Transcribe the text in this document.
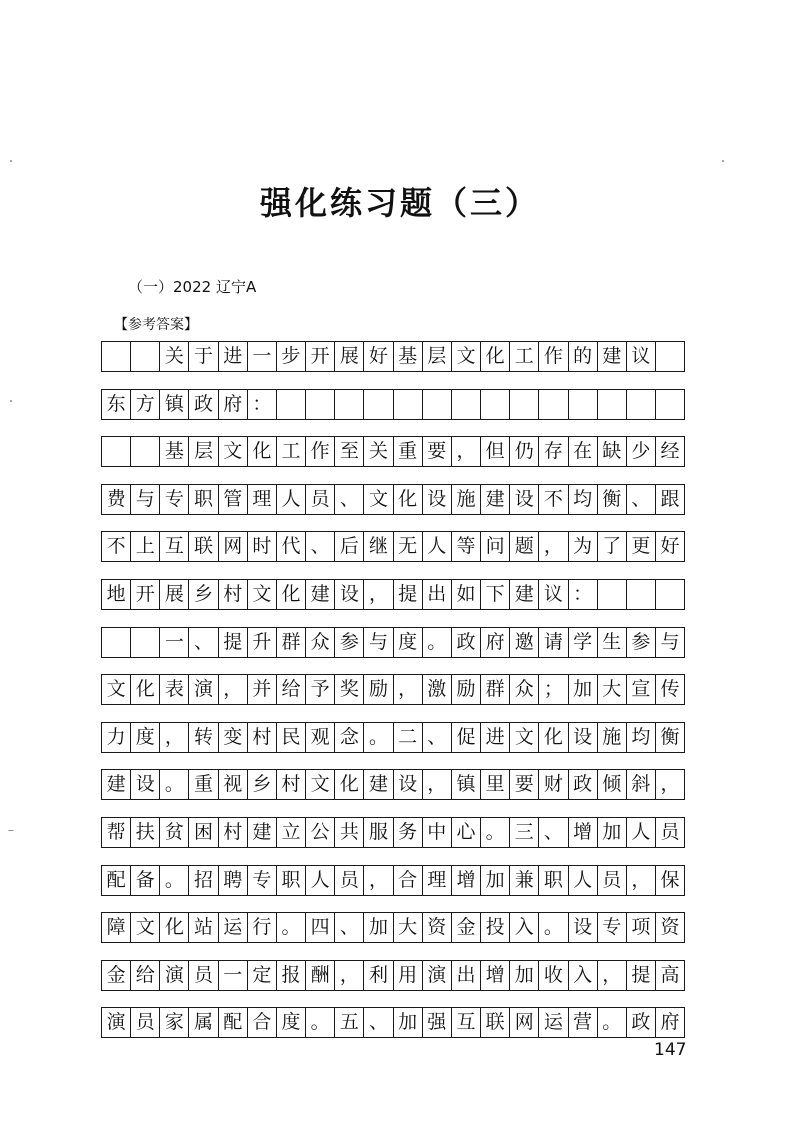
强化练习题（三）
（一）2022 辽宁A
【参考答案】
关 于 进 一 步 开 展 好 基 层 文 化 工 作 的 建 议
东 方 镇 政 府 ：
基 层 文 化 工 作 至 关 重 要 ， 但 仍 存 在 缺 少 经
费 与 专 职 管 理 人 员 、 文 化 设 施 建 设 不 均 衡 、 跟
不 上 互 联 网 时 代 、 后 继 无 人 等 问 题 ， 为 了 更 好
地 开 展 乡 村 文 化 建 设 ， 提 出 如 下 建 议 ：
一 、 提 升 群 众 参 与 度 。 政 府 邀 请 学 生 参 与
文 化 表 演 ， 并 给 予 奖 励 ， 激 励 群 众 ； 加 大 宣 传
力 度 ， 转 变 村 民 观 念 。 二 、 促 进 文 化 设 施 均 衡
建 设 。 重 视 乡 村 文 化 建 设 ， 镇 里 要 财 政 倾 斜 ，
帮 扶 贫 困 村 建 立 公 共 服 务 中 心 。 三 、 增 加 人 员
配 备 。 招 聘 专 职 人 员 ， 合 理 增 加 兼 职 人 员 ， 保
障 文 化 站 运 行 。 四 、 加 大 资 金 投 入 。 设 专 项 资
金 给 演 员 一 定 报 酬 ， 利 用 演 出 增 加 收 入 ， 提 高
演 员 家 属 配 合 度 。 五 、 加 强 互 联 网 运 营 。 政 府
147
